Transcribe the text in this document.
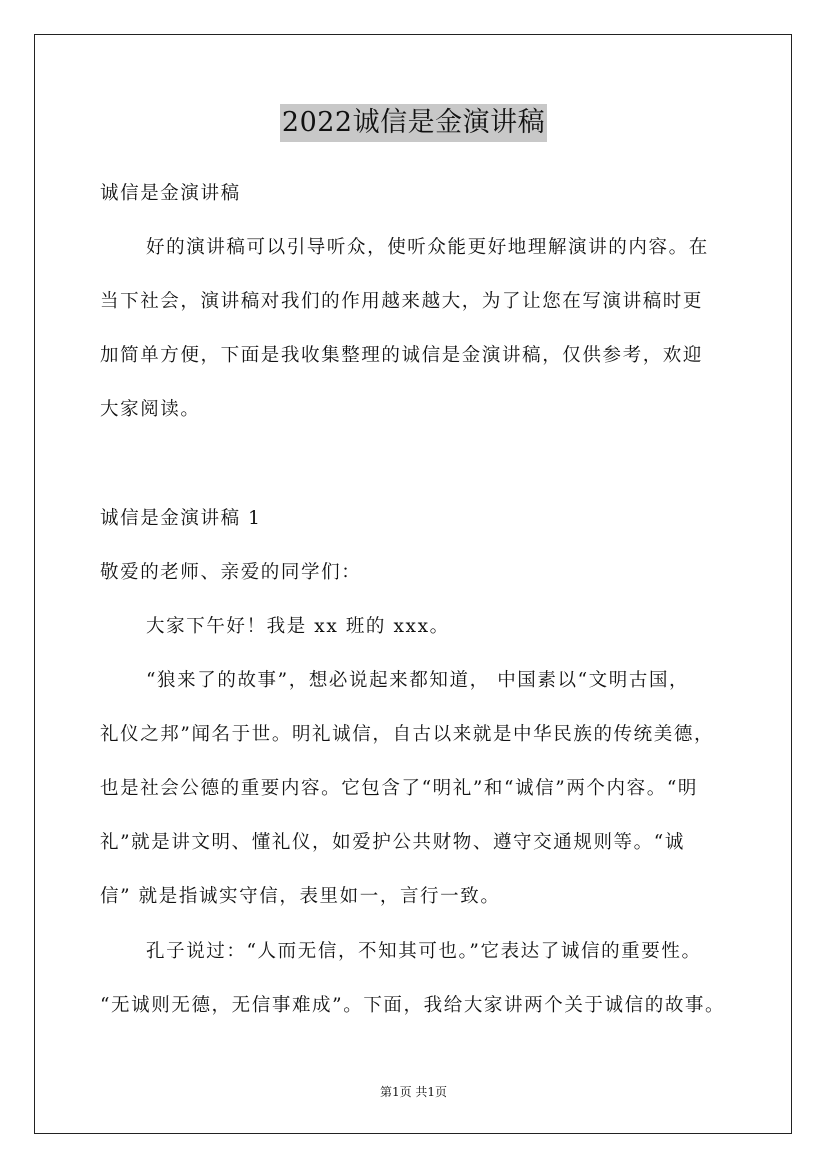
2022诚信是金演讲稿
诚信是金演讲稿
好的演讲稿可以引导听众，使听众能更好地理解演讲的内容。在
当下社会，演讲稿对我们的作用越来越大，为了让您在写演讲稿时更
加简单方便，下面是我收集整理的诚信是金演讲稿，仅供参考，欢迎
大家阅读。
诚信是金演讲稿 1
敬爱的老师、亲爱的同学们：
大家下午好！我是 xx 班的 xxx。
“狼来了的故事”，想必说起来都知道， 中国素以“文明古国，
礼仪之邦”闻名于世。明礼诚信，自古以来就是中华民族的传统美德，
也是社会公德的重要内容。它包含了“明礼”和“诚信”两个内容。“明
礼”就是讲文明、懂礼仪，如爱护公共财物、遵守交通规则等。“诚
信” 就是指诚实守信，表里如一，言行一致。
孔子说过：“人而无信，不知其可也。”它表达了诚信的重要性。
“无诚则无德，无信事难成”。下面，我给大家讲两个关于诚信的故事。
第1页 共1页
